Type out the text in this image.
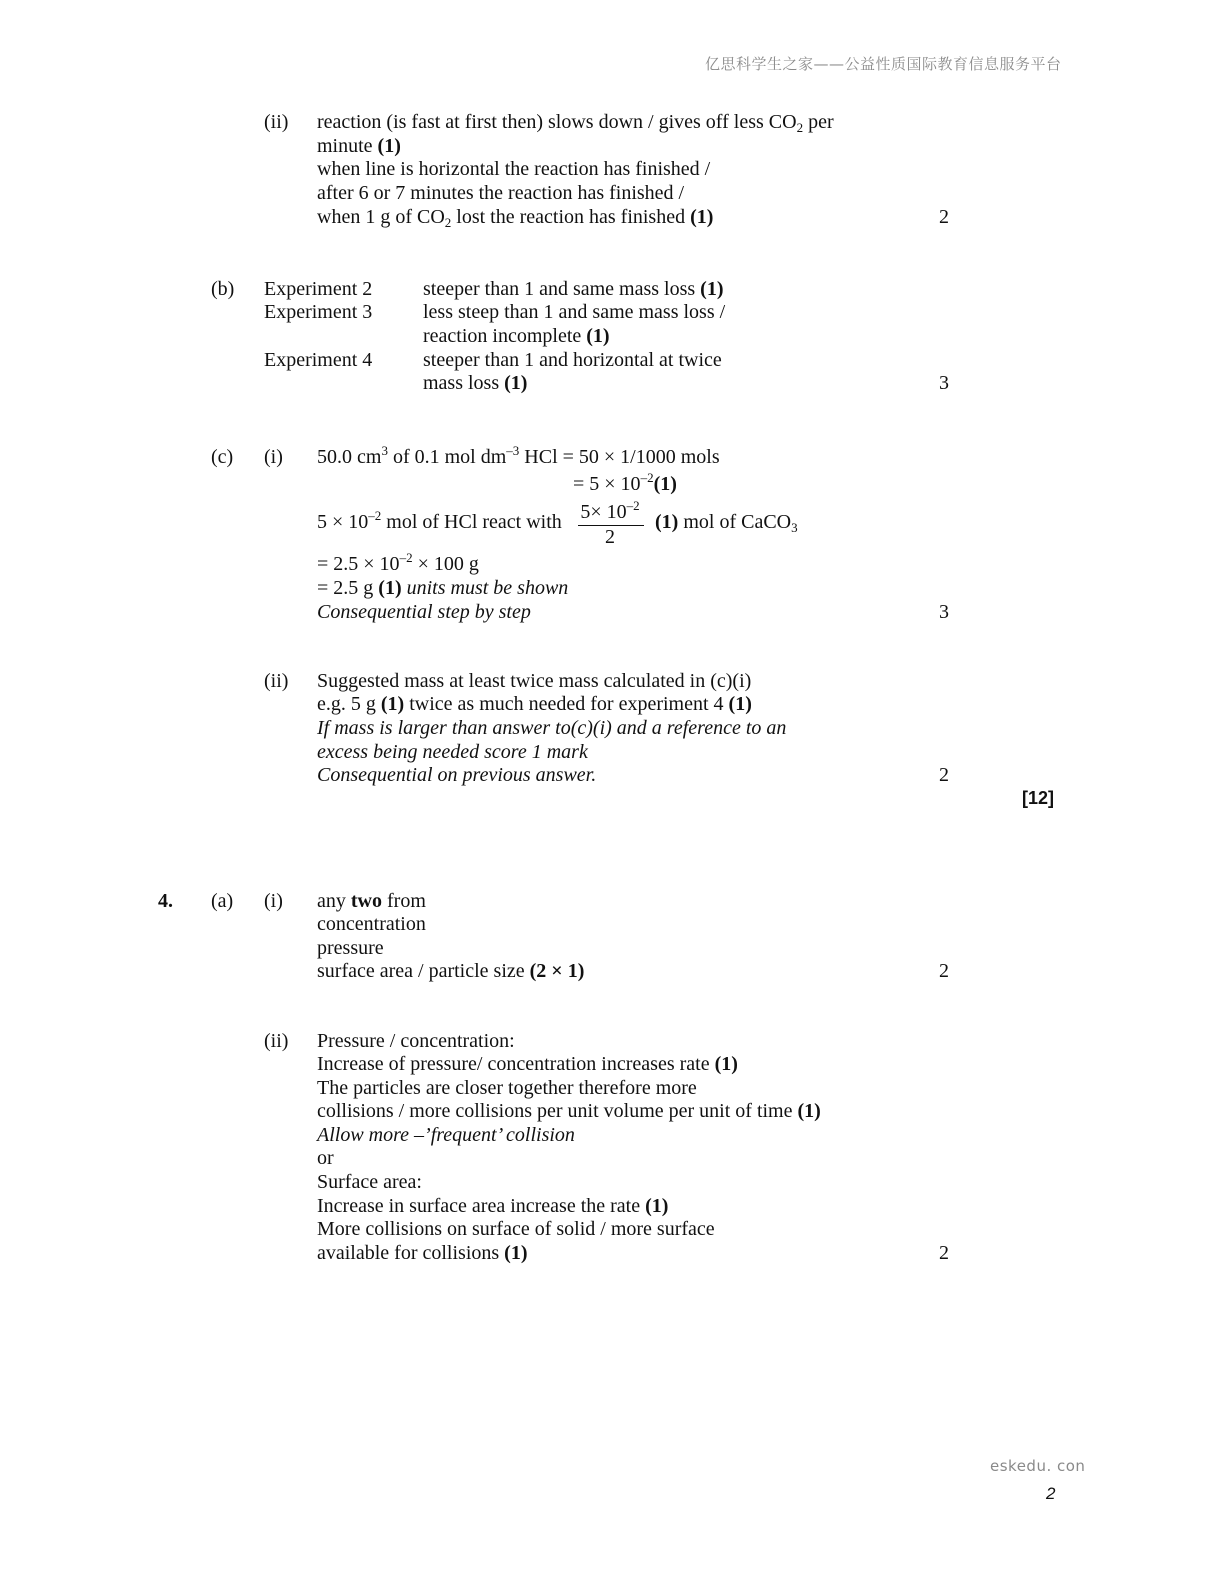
亿思科学生之家——公益性质国际教育信息服务平台
(ii) reaction (is fast at first then) slows down / gives off less $CO_2$ per
minute (1)
when line is horizontal the reaction has finished /
after 6 or 7 minutes the reaction has finished /
when 1 g of $CO_2$ lost the reaction has finished (1)	2
(b) Experiment 2	steeper than 1 and same mass loss (1)
Experiment 3	less steep than 1 and same mass loss /
reaction incomplete (1)
Experiment 4	steeper than 1 and horizontal at twice
mass loss (1)	3
(c) (i) 50.0 $cm^3$ of 0.1 mol $dm^{-3}$ HCl = 50 × 1/1000 mols
= $5 \times 10^{-2}(1)$
$5 \times 10^{-2}$ mol of HCl react with $5\times 10^{-2}$
2
(1) mol of CaCO$_3$
= $2.5 \times 10^{-2} \times 100$ g
= 2.5 g (1) units must be shown
Consequential step by step	3
(ii) Suggested mass at least twice mass calculated in (c)(i)
e.g. 5 g (1) twice as much needed for experiment 4 (1)
If mass is larger than answer to(c)(i) and a reference to an
excess being needed score 1 mark
Consequential on previous answer.	2
[12]
4. (a) (i) any two from
concentration
pressure
surface area / particle size (2 × 1)	2
(ii) Pressure / concentration:
Increase of pressure/ concentration increases rate (1)
The particles are closer together therefore more
collisions / more collisions per unit volume per unit of time (1)
Allow more –’frequent’ collision
or
Surface area:
Increase in surface area increase the rate (1)
More collisions on surface of solid / more surface
available for collisions (1)	2
eskedu. con
2
